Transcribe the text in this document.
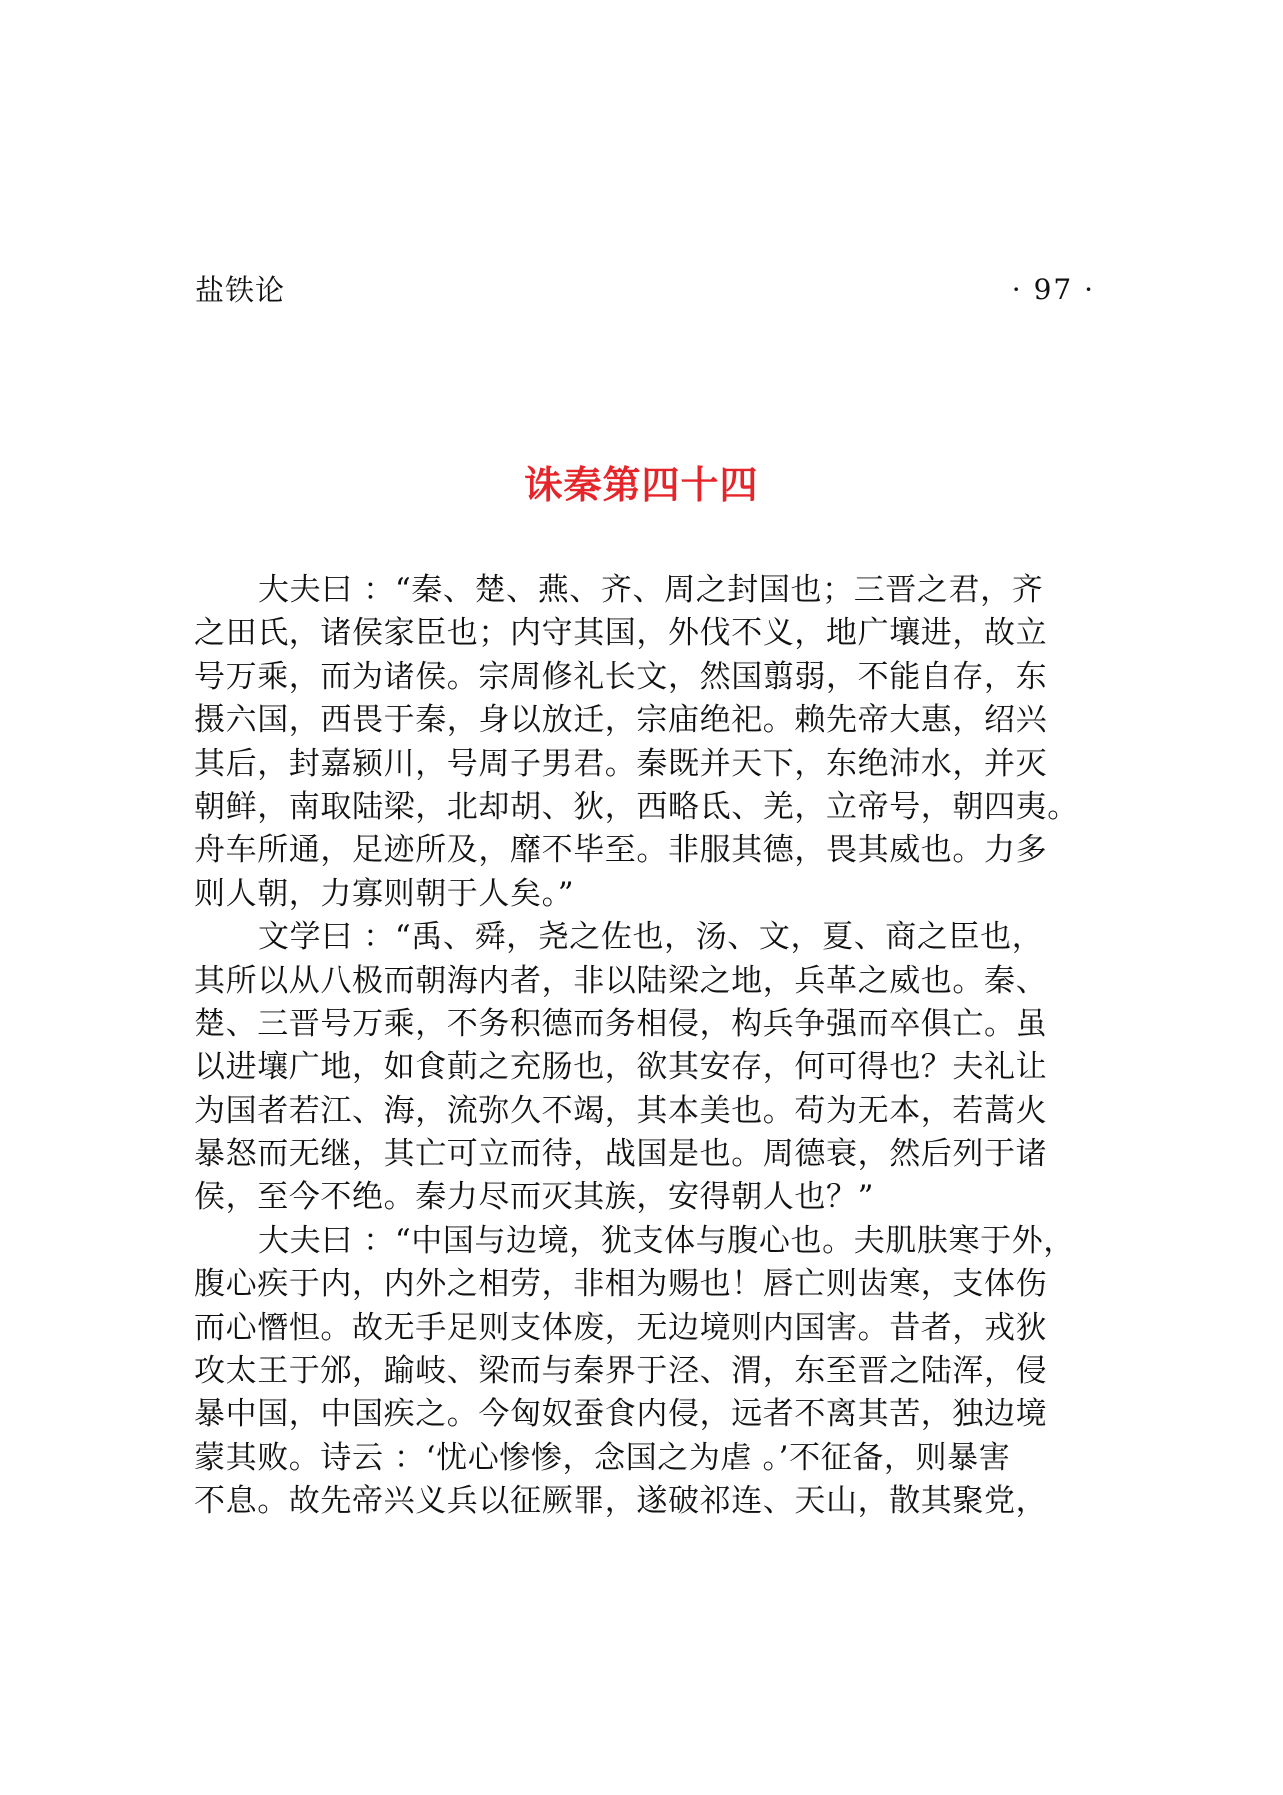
盐铁论	· 97 ·
诛秦第四十四
大夫曰 ：“秦、楚、燕、齐、周之封国也；三晋之君，齐
之田氏，诸侯家臣也；内守其国，外伐不义，地广壤进，故立
号万乘，而为诸侯。宗周修礼长文，然国翦弱，不能自存，东
摄六国，西畏于秦，身以放迁，宗庙绝祀。赖先帝大惠，绍兴
其后，封嘉颍川，号周子男君。秦既并天下，东绝沛水，并灭
朝鲜，南取陆梁，北却胡、狄，西略氐、羌，立帝号，朝四夷。
舟车所通，足迹所及，靡不毕至。非服其德，畏其威也。力多
则人朝，力寡则朝于人矣。”
文学曰 ：“禹、舜，尧之佐也，汤、文，夏、商之臣也，
其所以从八极而朝海内者，非以陆梁之地，兵革之威也。秦、
楚、三晋号万乘，不务积德而务相侵，构兵争强而卒俱亡。虽
以进壤广地，如食萴之充肠也，欲其安存，何可得也？夫礼让
为国者若江、海，流弥久不竭，其本美也。苟为无本，若蒿火
暴怒而无继，其亡可立而待，战国是也。周德衰，然后列于诸
侯，至今不绝。秦力尽而灭其族，安得朝人也？”
大夫曰 ：“中国与边境，犹支体与腹心也。夫肌肤寒于外，
腹心疾于内，内外之相劳，非相为赐也！唇亡则齿寒，支体伤
而心憯怛。故无手足则支体废，无边境则内国害。昔者，戎狄
攻太王于邠，踰岐、梁而与秦界于泾、渭，东至晋之陆浑，侵
暴中国，中国疾之。今匈奴蚕食内侵，远者不离其苦，独边境
蒙其败。诗云 ：‘忧心惨惨，念国之为虐 。’不征备，则暴害
不息。故先帝兴义兵以征厥罪，遂破祁连、天山，散其聚党，
